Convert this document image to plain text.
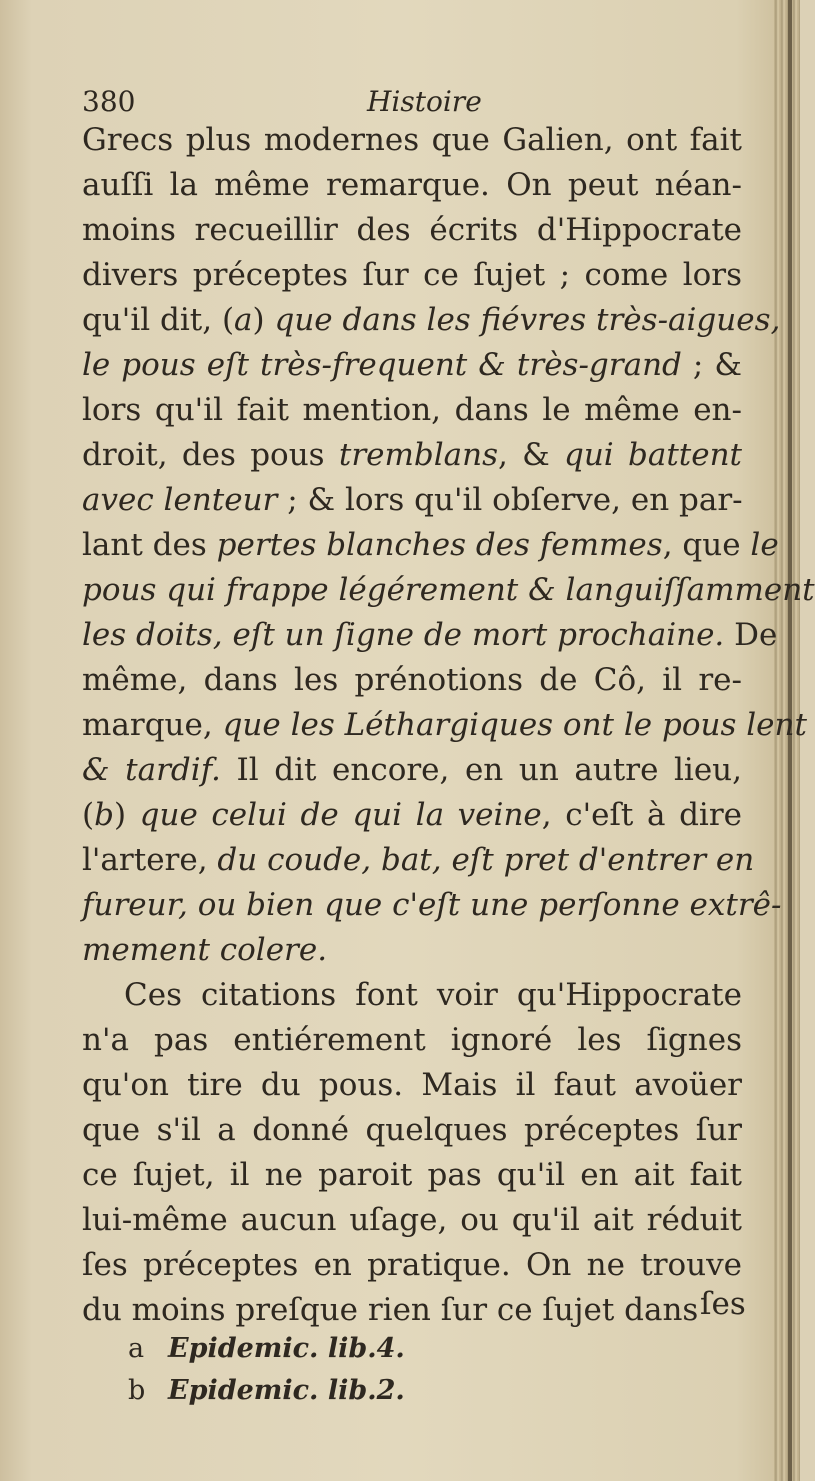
380	Histoire
Grecs plus modernes que Galien, ont fait
auſſi la même remarque. On peut néan-
moins recueillir des écrits d'Hippocrate
divers préceptes ſur ce ſujet ; come lors
qu'il dit, (a) que dans les fiévres très-aigues,
le pous eſt très-frequent & très-grand ; &
lors qu'il fait mention, dans le même en-
droit, des pous tremblans, & qui battent
avec lenteur ; & lors qu'il obſerve, en par-
lant des pertes blanches des femmes, que le
pous qui frappe légérement & languiſſamment
les doits, eſt un ſigne de mort prochaine. De
même, dans les prénotions de Cô, il re-
marque, que les Léthargiques ont le pous lent
& tardif. Il dit encore, en un autre lieu,
(b) que celui de qui la veine, c'eſt à dire
l'artere, du coude, bat, eſt pret d'entrer en
fureur, ou bien que c'eſt une perſonne extrê-
mement colere.
Ces citations font voir qu'Hippocrate
n'a pas entiérement ignoré les ſignes
qu'on tire du pous. Mais il faut avoüer
que s'il a donné quelques préceptes ſur
ce ſujet, il ne paroit pas qu'il en ait fait
lui-même aucun uſage, ou qu'il ait réduit
ſes préceptes en pratique. On ne trouve
du moins preſque rien ſur ce ſujet dans ſes
a Epidemic. lib.4.
b Epidemic. lib.2.
